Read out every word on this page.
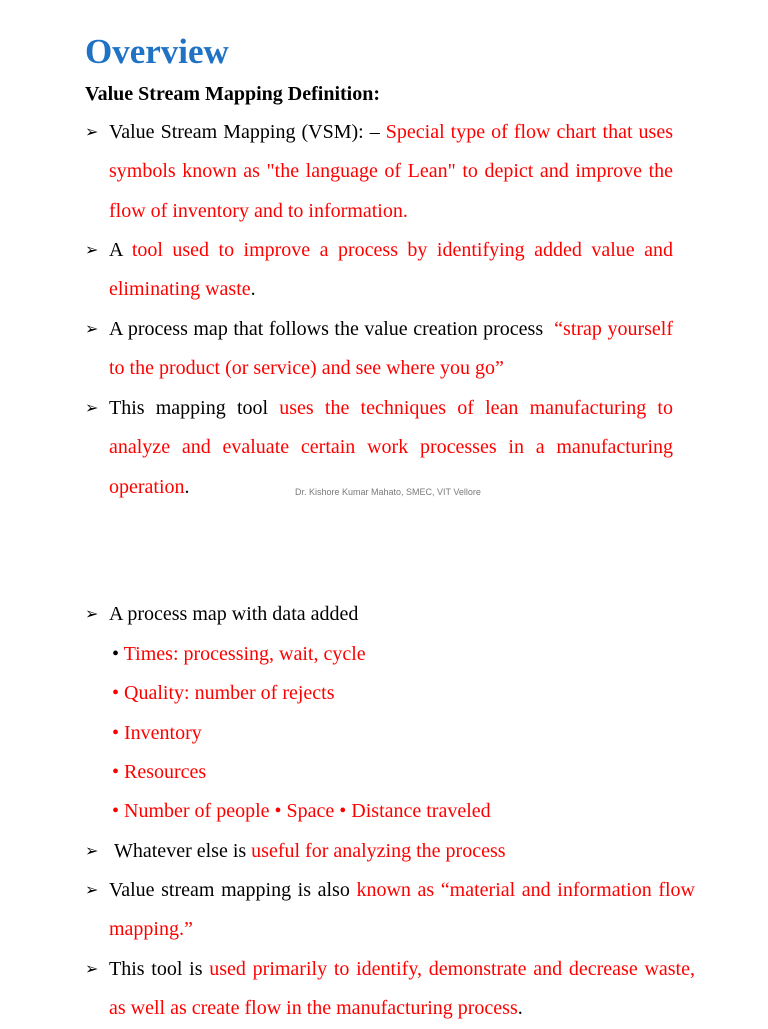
Overview
Value Stream Mapping Definition:
➢ Value Stream Mapping (VSM): – Special type of flow chart that uses symbols known as "the language of Lean" to depict and improve the flow of inventory and to information.
➢ A tool used to improve a process by identifying added value and eliminating waste.
➢ A process map that follows the value creation process  “strap yourself to the product (or service) and see where you go”
➢ This mapping tool uses the techniques of lean manufacturing to analyze and evaluate certain work processes in a manufacturing operation.	Dr. Kishore Kumar Mahato, SMEC, VIT Vellore
➢ A process map with data added
• Times: processing, wait, cycle
• Quality: number of rejects
• Inventory
• Resources
• Number of people • Space • Distance traveled
➢ Whatever else is useful for analyzing the process
➢ Value stream mapping is also known as “material and information flow mapping.”
➢ This tool is used primarily to identify, demonstrate and decrease waste, as well as create flow in the manufacturing process.
